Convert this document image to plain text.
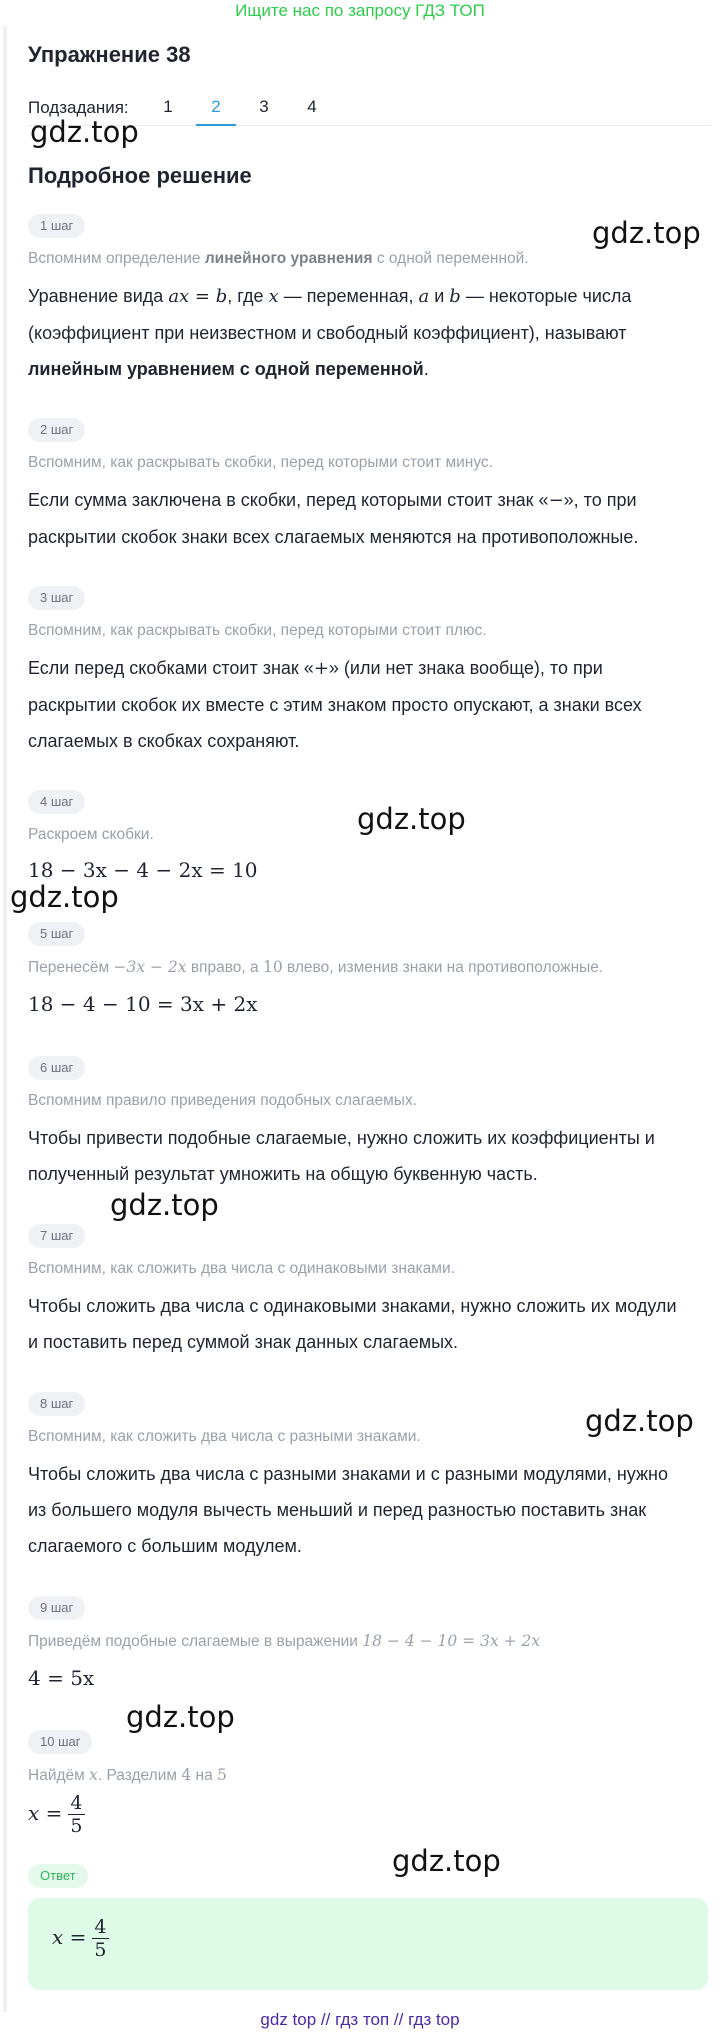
Ищите нас по запросу ГДЗ ТОП
Упражнение 38
Подзадания:	1	2	3	4
Подробное решение
1 шаг
Вспомним определение линейного уравнения с одной переменной.
Уравнение вида ax = b, где x — переменная, a и b — некоторые числа (коэффициент при неизвестном и свободный коэффициент), называют линейным уравнением с одной переменной.
2 шаг
Вспомним, как раскрывать скобки, перед которыми стоит минус.
Если сумма заключена в скобки, перед которыми стоит знак «−», то при раскрытии скобок знаки всех слагаемых меняются на противоположные.
3 шаг
Вспомним, как раскрывать скобки, перед которыми стоит плюс.
Если перед скобками стоит знак «+» (или нет знака вообще), то при раскрытии скобок их вместе с этим знаком просто опускают, а знаки всех слагаемых в скобках сохраняют.
4 шаг
Раскроем скобки.
18 − 3x − 4 − 2x = 10
5 шаг
Перенесём −3x − 2x вправо, а 10 влево, изменив знаки на противоположные.
18 − 4 − 10 = 3x + 2x
6 шаг
Вспомним правило приведения подобных слагаемых.
Чтобы привести подобные слагаемые, нужно сложить их коэффициенты и полученный результат умножить на общую буквенную часть.
7 шаг
Вспомним, как сложить два числа с одинаковыми знаками.
Чтобы сложить два числа с одинаковыми знаками, нужно сложить их модули и поставить перед суммой знак данных слагаемых.
8 шаг
Вспомним, как сложить два числа с разными знаками.
Чтобы сложить два числа с разными знаками и с разными модулями, нужно из большего модуля вычесть меньший и перед разностью поставить знак слагаемого с большим модулем.
9 шаг
Приведём подобные слагаемые в выражении 18 − 4 − 10 = 3x + 2x
4 = 5x
10 шаг
Найдём x. Разделим 4 на 5
$x = \frac{4}{5}$
Ответ
$x = \frac{4}{5}$
gdz.top
gdz.top
gdz.top
gdz.top
gdz.top
gdz.top
gdz.top
gdz.top
gdz top // гдз топ // гдз top
